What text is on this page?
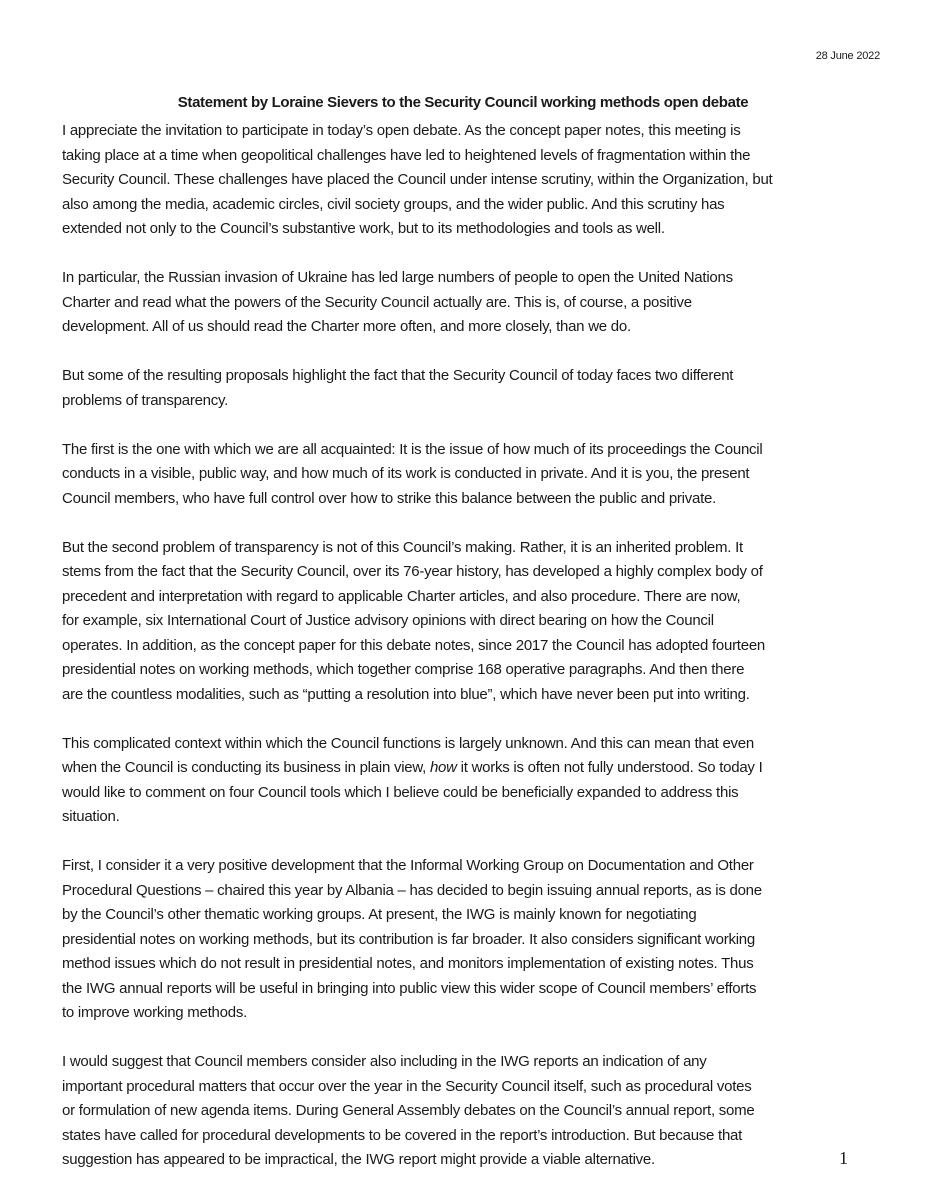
28 June 2022
Statement by Loraine Sievers to the Security Council working methods open debate
I appreciate the invitation to participate in today’s open debate. As the concept paper notes, this meeting is
taking place at a time when geopolitical challenges have led to heightened levels of fragmentation within the
Security Council. These challenges have placed the Council under intense scrutiny, within the Organization, but
also among the media, academic circles, civil society groups, and the wider public. And this scrutiny has
extended not only to the Council’s substantive work, but to its methodologies and tools as well.
In particular, the Russian invasion of Ukraine has led large numbers of people to open the United Nations
Charter and read what the powers of the Security Council actually are. This is, of course, a positive
development. All of us should read the Charter more often, and more closely, than we do.
But some of the resulting proposals highlight the fact that the Security Council of today faces two different
problems of transparency.
The first is the one with which we are all acquainted: It is the issue of how much of its proceedings the Council
conducts in a visible, public way, and how much of its work is conducted in private. And it is you, the present
Council members, who have full control over how to strike this balance between the public and private.
But the second problem of transparency is not of this Council’s making. Rather, it is an inherited problem. It
stems from the fact that the Security Council, over its 76-year history, has developed a highly complex body of
precedent and interpretation with regard to applicable Charter articles, and also procedure. There are now,
for example, six International Court of Justice advisory opinions with direct bearing on how the Council
operates. In addition, as the concept paper for this debate notes, since 2017 the Council has adopted fourteen
presidential notes on working methods, which together comprise 168 operative paragraphs. And then there
are the countless modalities, such as “putting a resolution into blue”, which have never been put into writing.
This complicated context within which the Council functions is largely unknown. And this can mean that even
when the Council is conducting its business in plain view, how it works is often not fully understood. So today I
would like to comment on four Council tools which I believe could be beneficially expanded to address this
situation.
First, I consider it a very positive development that the Informal Working Group on Documentation and Other
Procedural Questions – chaired this year by Albania – has decided to begin issuing annual reports, as is done
by the Council’s other thematic working groups. At present, the IWG is mainly known for negotiating
presidential notes on working methods, but its contribution is far broader. It also considers significant working
method issues which do not result in presidential notes, and monitors implementation of existing notes. Thus
the IWG annual reports will be useful in bringing into public view this wider scope of Council members’ efforts
to improve working methods.
I would suggest that Council members consider also including in the IWG reports an indication of any
important procedural matters that occur over the year in the Security Council itself, such as procedural votes
or formulation of new agenda items. During General Assembly debates on the Council’s annual report, some
states have called for procedural developments to be covered in the report’s introduction. But because that
suggestion has appeared to be impractical, the IWG report might provide a viable alternative.	1
